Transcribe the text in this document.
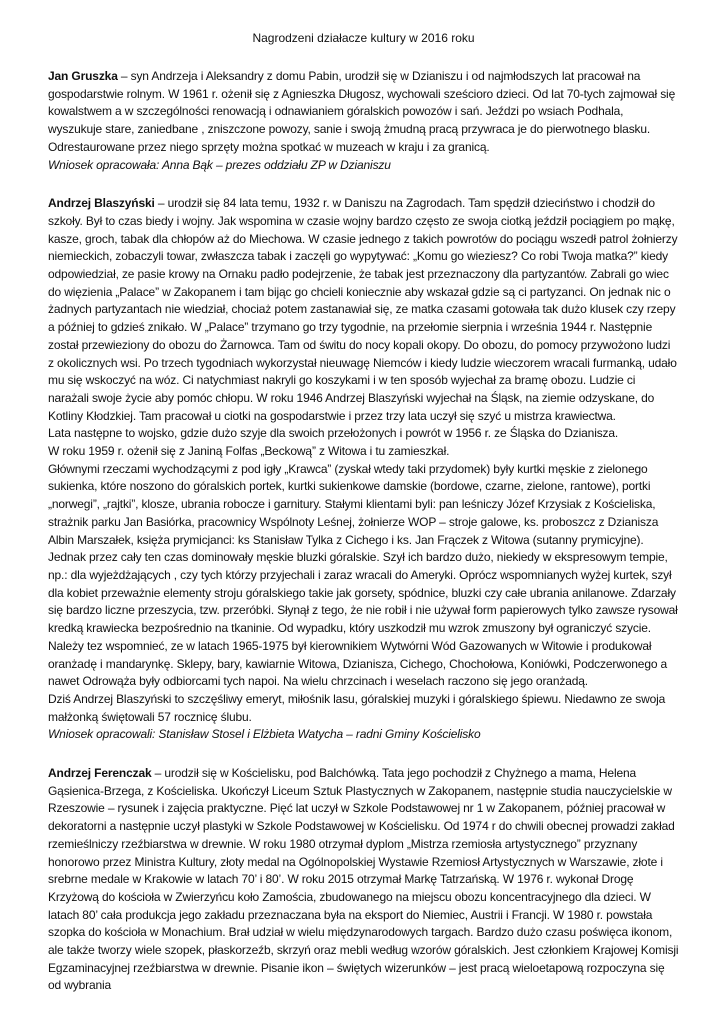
Nagrodzeni działacze kultury w 2016 roku

Jan Gruszka – syn Andrzeja i Aleksandry z domu Pabin, urodził się w Dzianiszu i od najmłodszych lat pracował na gospodarstwie rolnym. W 1961 r. ożenił się z Agnieszka Długosz, wychowali sześcioro dzieci. Od lat 70-tych zajmował się kowalstwem a w szczególności renowacją i odnawianiem góralskich powozów i sań. Jeździ po wsiach Podhala, wyszukuje stare, zaniedbane , zniszczone powozy, sanie i swoją żmudną pracą przywraca je do pierwotnego blasku. Odrestaurowane przez niego sprzęty można spotkać w muzeach w kraju i za granicą.

Wniosek opracowała: Anna Bąk – prezes oddziału ZP w Dzianiszu

Andrzej Blaszyński – urodził się 84 lata temu, 1932 r. w Daniszu na Zagrodach. Tam spędził dzieciństwo i chodził do szkoły. Był to czas biedy i wojny. Jak wspomina w czasie wojny bardzo często ze swoja ciotką jeździł pociągiem po mąkę, kasze, groch, tabak dla chłopów aż do Miechowa. W czasie jednego z takich powrotów do pociągu wszedł patrol żołnierzy niemieckich, zobaczyli towar, zwłaszcza tabak i zaczęli go wypytywać: „Komu go wieziesz? Co robi Twoja matka?” kiedy odpowiedział, ze pasie krowy na Ornaku padło podejrzenie, że tabak jest przeznaczony dla partyzantów. Zabrali go wiec do więzienia „Palace” w Zakopanem i tam bijąc go chcieli koniecznie aby wskazał gdzie są ci partyzanci. On jednak nic o żadnych partyzantach nie wiedział, chociaż potem zastanawiał się, ze matka czasami gotowała tak dużo klusek czy rzepy a później to gdzieś znikało. W „Palace” trzymano go trzy tygodnie, na przełomie sierpnia i września 1944 r. Następnie został przewieziony do obozu do Żarnowca. Tam od świtu do nocy kopali okopy. Do obozu, do pomocy przywożono ludzi z okolicznych wsi. Po trzech tygodniach wykorzystał nieuwagę Niemców i kiedy ludzie wieczorem wracali furmanką, udało mu się wskoczyć na wóz. Ci natychmiast nakryli go koszykami i w ten sposób wyjechał za bramę obozu. Ludzie ci narażali swoje życie aby pomóc chłopu. W roku 1946 Andrzej Blaszyński wyjechał na Śląsk, na ziemie odzyskane, do Kotliny Kłodzkiej. Tam pracował u ciotki na gospodarstwie i przez trzy lata uczył się szyć u mistrza krawiectwa.

Lata następne to wojsko, gdzie dużo szyje dla swoich przełożonych i powrót w 1956 r. ze Śląska do Dzianisza.

W roku 1959 r. ożenił się z Janiną Folfas „Beckową” z Witowa i tu zamieszkał.

Głównymi rzeczami wychodzącymi z pod igły „Krawca” (zyskał wtedy taki przydomek) były kurtki męskie z zielonego sukienka, które noszono do góralskich portek, kurtki sukienkowe damskie (bordowe, czarne, zielone, rantowe), portki „norwegi”, „rajtki”, klosze, ubrania robocze i garnitury. Stałymi klientami byli: pan leśniczy Józef Krzysiak z Kościeliska, strażnik parku Jan Basiórka, pracownicy Wspólnoty Leśnej, żołnierze WOP – stroje galowe, ks. proboszcz z Dzianisza Albin Marszałek, księża prymicjanci: ks Stanisław Tylka z Cichego i ks. Jan Frączek z Witowa (sutanny prymicyjne). Jednak przez cały ten czas dominowały męskie bluzki góralskie. Szył ich bardzo dużo, niekiedy w ekspresowym tempie, np.: dla wyjeżdżających , czy tych którzy przyjechali i zaraz wracali do Ameryki. Oprócz wspomnianych wyżej kurtek, szył dla kobiet przeważnie elementy stroju góralskiego takie jak gorsety, spódnice, bluzki czy całe ubrania anilanowe. Zdarzały się bardzo liczne przeszycia, tzw. przeróbki. Słynął z tego, że nie robił i nie używał form papierowych tylko zawsze rysował kredką krawiecka bezpośrednio na tkaninie. Od wypadku, który uszkodził mu wzrok zmuszony był ograniczyć szycie.

Należy tez wspomnieć, ze w latach 1965-1975 był kierownikiem Wytwórni Wód Gazowanych w Witowie i produkował oranżadę i mandarynkę. Sklepy, bary, kawiarnie Witowa, Dzianisza, Cichego, Chochołowa, Koniówki, Podczerwonego a nawet Odrowąża były odbiorcami tych napoi. Na wielu chrzcinach i weselach raczono się jego oranżadą.

Dziś Andrzej Blaszyński to szczęśliwy emeryt, miłośnik lasu, góralskiej muzyki i góralskiego śpiewu. Niedawno ze swoja małżonką świętowali 57 rocznicę ślubu.

Wniosek opracowali: Stanisław Stosel i Elżbieta Watycha – radni Gminy Kościelisko

Andrzej Ferenczak – urodził się w Kościelisku, pod Balchówką. Tata jego pochodził z Chyżnego a mama, Helena Gąsienica-Brzega, z Kościeliska. Ukończył Liceum Sztuk Plastycznych w Zakopanem, następnie studia nauczycielskie w Rzeszowie – rysunek i zajęcia praktyczne. Pięć lat uczył w Szkole Podstawowej nr 1 w Zakopanem, później pracował w dekoratorni a następnie uczył plastyki w Szkole Podstawowej w Kościelisku. Od 1974 r do chwili obecnej prowadzi zakład rzemieślniczy rzeźbiarstwa w drewnie. W roku 1980 otrzymał dyplom „Mistrza rzemiosła artystycznego” przyznany honorowo przez Ministra Kultury, złoty medal na Ogólnopolskiej Wystawie Rzemiosł Artystycznych w Warszawie, złote i srebrne medale w Krakowie w latach 70’ i 80’. W roku 2015 otrzymał Markę Tatrzańską. W 1976 r. wykonał Drogę Krzyżową do kościoła w Zwierzyńcu koło Zamościa, zbudowanego na miejscu obozu koncentracyjnego dla dzieci. W latach 80’ cała produkcja jego zakładu przeznaczana była na eksport do Niemiec, Austrii i Francji. W 1980 r. powstała szopka do kościoła w Monachium. Brał udział w wielu międzynarodowych targach. Bardzo dużo czasu poświęca ikonom, ale także tworzy wiele szopek, płaskorzeźb, skrzyń oraz mebli według wzorów góralskich. Jest członkiem Krajowej Komisji Egzaminacyjnej rzeźbiarstwa w drewnie. Pisanie ikon – świętych wizerunków – jest pracą wieloetapową rozpoczyna się od wybrania
